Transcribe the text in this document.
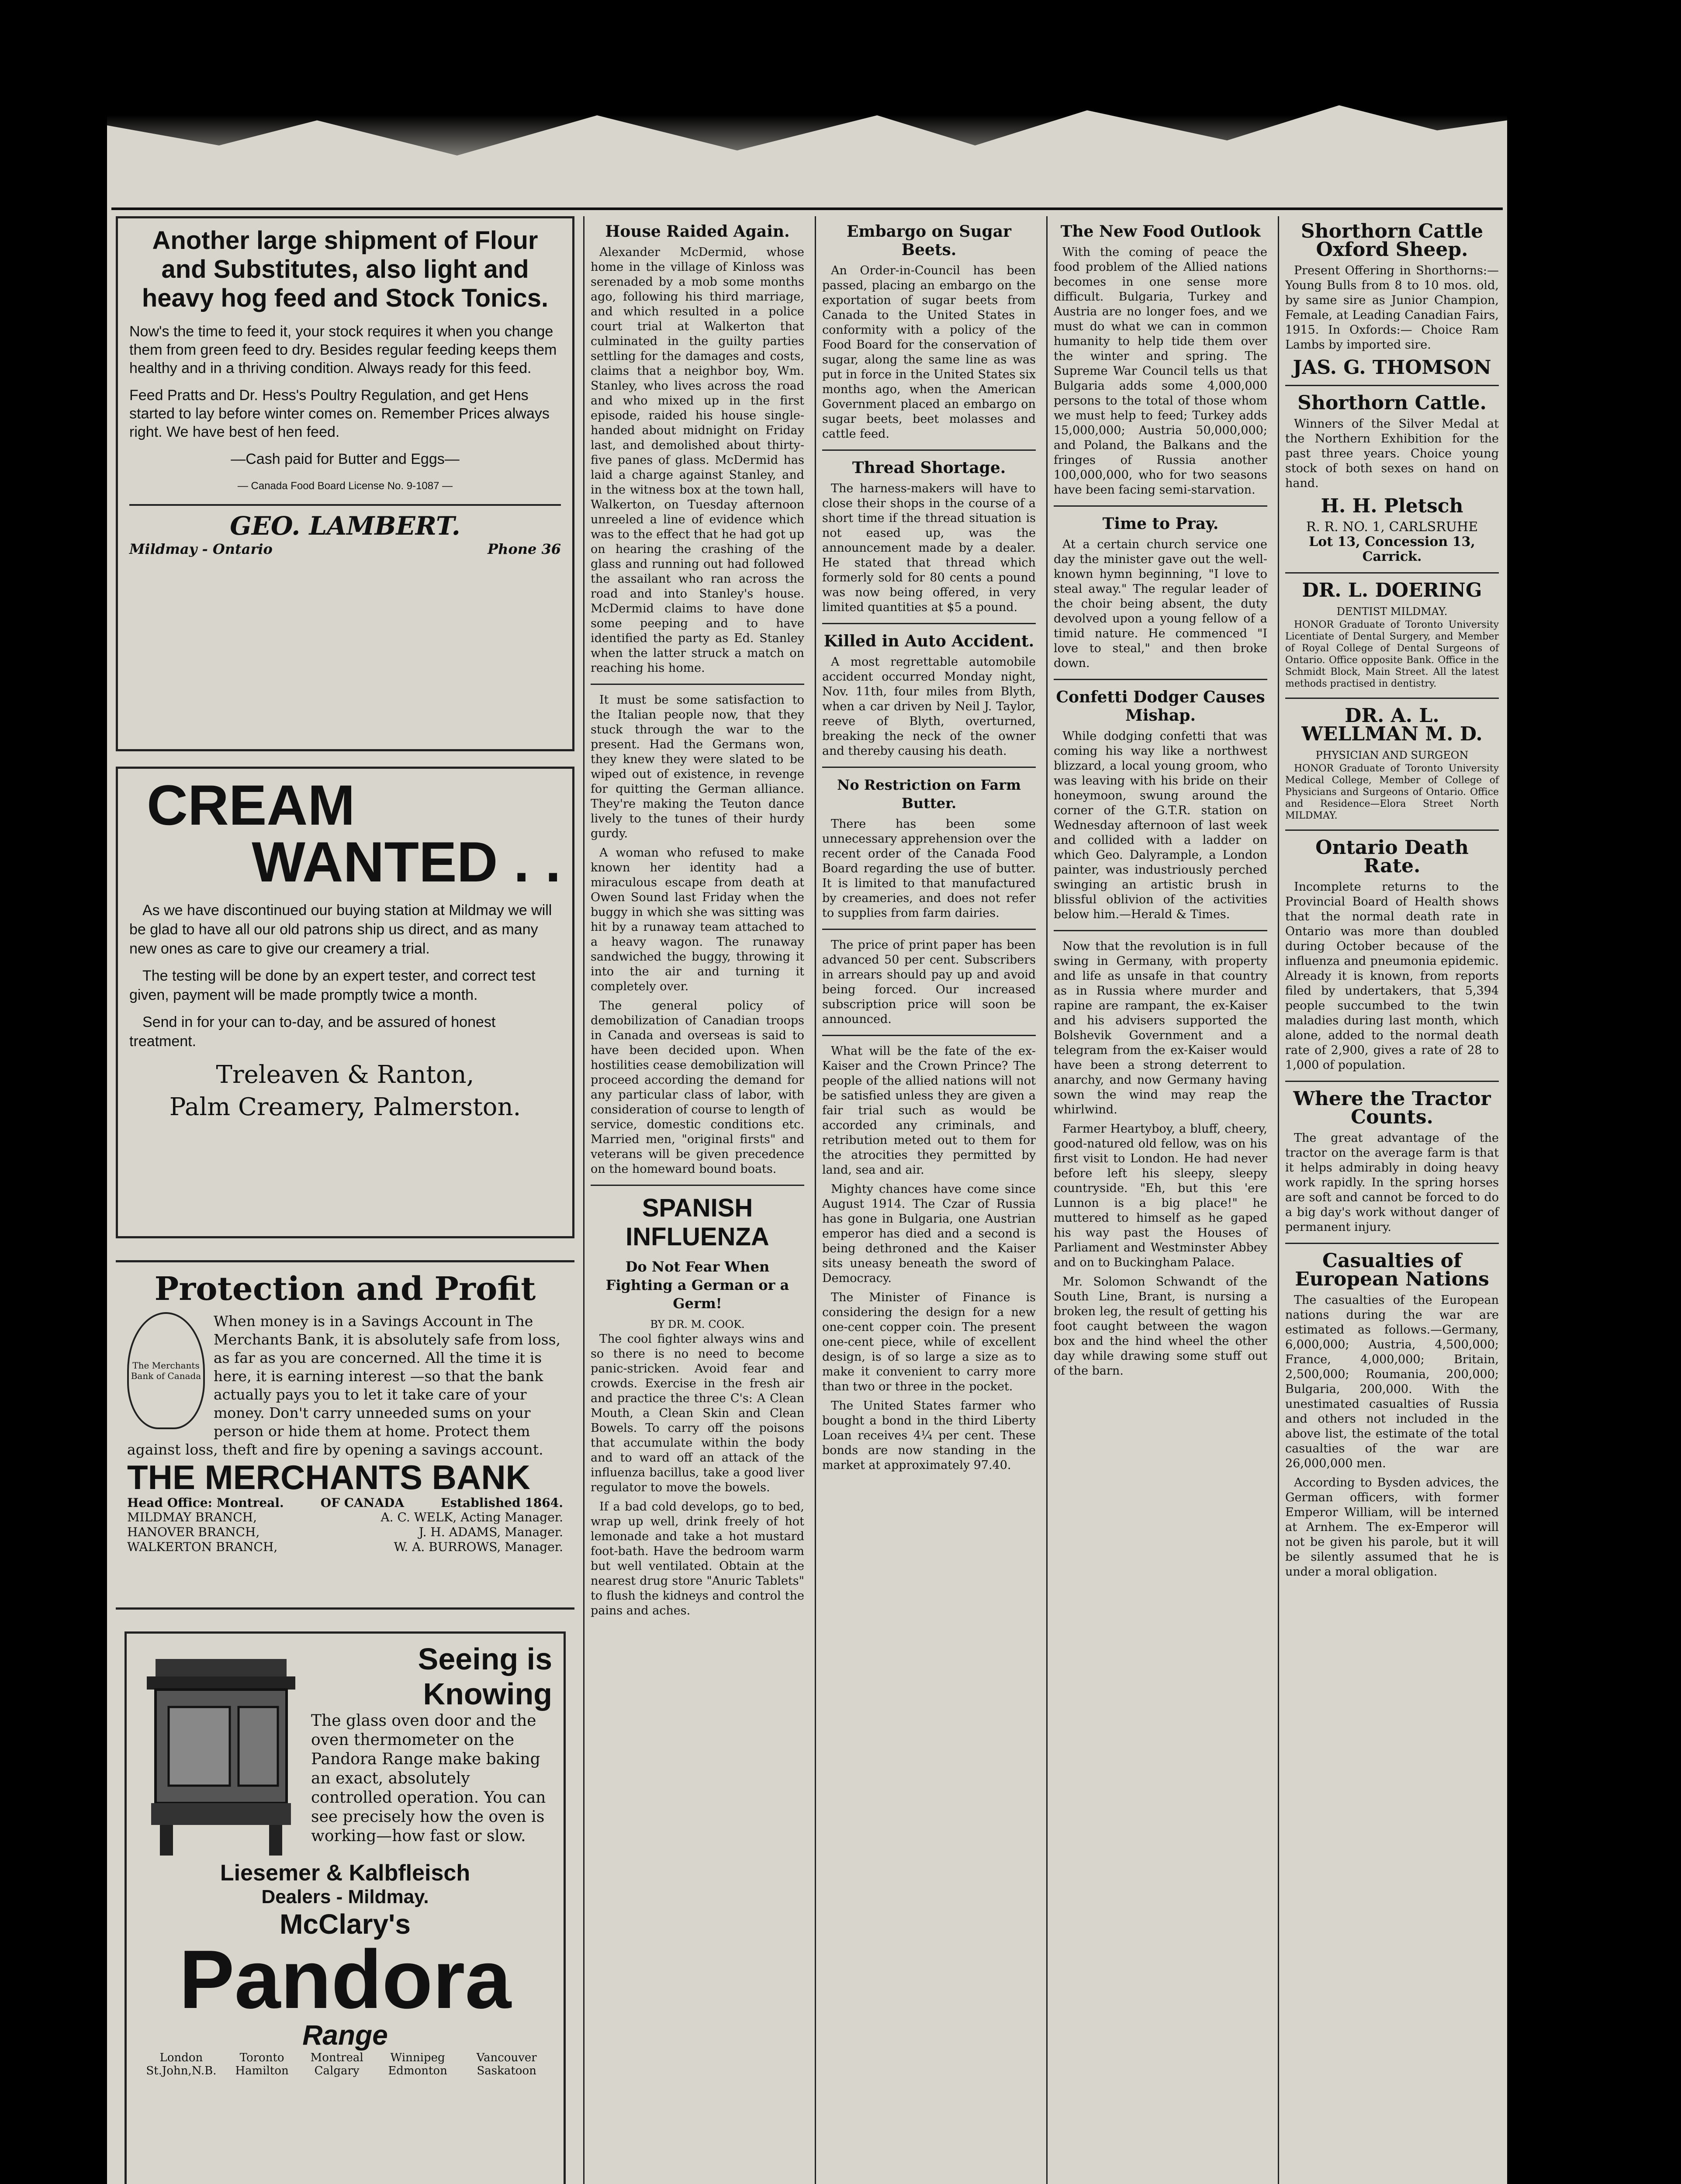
Another large shipment of Flour and Substitutes, also light and heavy hog feed and Stock Tonics.

Now's the time to feed it, your stock requires it when you change them from green feed to dry. Besides regular feeding keeps them healthy and in a thriving condition. Always ready for this feed.

Feed Pratts and Dr. Hess's Poultry Regulation, and get Hens started to lay before winter comes on. Remember Prices always right. We have best of hen feed.

—Cash paid for Butter and Eggs—

— Canada Food Board License No. 9-1087 —

GEO. LAMBERT.
Mildmay - Ontario	Phone 36
CREAM
WANTED . .

As we have discontinued our buying station at Mildmay we will be glad to have all our old patrons ship us direct, and as many new ones as care to give our creamery a trial.

The testing will be done by an expert tester, and correct test given, payment will be made promptly twice a month.

Send in for your can to-day, and be assured of honest treatment.

Treleaven & Ranton,
Palm Creamery, Palmerston.
Protection and Profit
The Merchants Bank of Canada

When money is in a Savings Account in The Merchants Bank, it is absolutely safe from loss, as far as you are concerned. All the time it is here, it is earning interest —so that the bank actually pays you to let it take care of your money. Don't carry unneeded sums on your person or hide them at home. Protect them against loss, theft and fire by opening a savings account.

THE MERCHANTS BANK
Head Office: Montreal.	OF CANADA	Established 1864.
MILDMAY BRANCH,	A. C. WELK, Acting Manager.
HANOVER BRANCH,	J. H. ADAMS, Manager.
WALKERTON BRANCH,	W. A. BURROWS, Manager.
Seeing is
Knowing

The glass oven door and the oven thermometer on the Pandora Range make baking an exact, absolutely controlled operation. You can see precisely how the oven is working—how fast or slow.

Liesemer & Kalbfleisch
Dealers - Mildmay.
McClary's
Pandora
Range
London St.John,N.B.
Toronto Hamilton
Montreal Calgary
Winnipeg Edmonton
Vancouver Saskatoon
House Raided Again.

Alexander McDermid, whose home in the village of Kinloss was serenaded by a mob some months ago, following his third marriage, and which resulted in a police court trial at Walkerton that culminated in the guilty parties settling for the damages and costs, claims that a neighbor boy, Wm. Stanley, who lives across the road and who mixed up in the first episode, raided his house single-handed about midnight on Friday last, and demolished about thirty-five panes of glass. McDermid has laid a charge against Stanley, and in the witness box at the town hall, Walkerton, on Tuesday afternoon unreeled a line of evidence which was to the effect that he had got up on hearing the crashing of the glass and running out had followed the assailant who ran across the road and into Stanley's house. McDermid claims to have done some peeping and to have identified the party as Ed. Stanley when the latter struck a match on reaching his home.

It must be some satisfaction to the Italian people now, that they stuck through the war to the present. Had the Germans won, they knew they were slated to be wiped out of existence, in revenge for quitting the German alliance. They're making the Teuton dance lively to the tunes of their hurdy gurdy.

A woman who refused to make known her identity had a miraculous escape from death at Owen Sound last Friday when the buggy in which she was sitting was hit by a runaway team attached to a heavy wagon. The runaway sandwiched the buggy, throwing it into the air and turning it completely over.

The general policy of demobilization of Canadian troops in Canada and overseas is said to have been decided upon. When hostilities cease demobilization will proceed according the demand for any particular class of labor, with consideration of course to length of service, domestic conditions etc. Married men, "original firsts" and veterans will be given precedence on the homeward bound boats.

SPANISH INFLUENZA
Do Not Fear When Fighting a German or a Germ!
BY DR. M. COOK.

The cool fighter always wins and so there is no need to become panic-stricken. Avoid fear and crowds. Exercise in the fresh air and practice the three C's: A Clean Mouth, a Clean Skin and Clean Bowels. To carry off the poisons that accumulate within the body and to ward off an attack of the influenza bacillus, take a good liver regulator to move the bowels.

If a bad cold develops, go to bed, wrap up well, drink freely of hot lemonade and take a hot mustard foot-bath. Have the bedroom warm but well ventilated. Obtain at the nearest drug store "Anuric Tablets" to flush the kidneys and control the pains and aches.

Embargo on Sugar Beets.

An Order-in-Council has been passed, placing an embargo on the exportation of sugar beets from Canada to the United States in conformity with a policy of the Food Board for the conservation of sugar, along the same line as was put in force in the United States six months ago, when the American Government placed an embargo on sugar beets, beet molasses and cattle feed.

Thread Shortage.

The harness-makers will have to close their shops in the course of a short time if the thread situation is not eased up, was the announcement made by a dealer. He stated that thread which formerly sold for 80 cents a pound was now being offered, in very limited quantities at $5 a pound.

Killed in Auto Accident.

A most regrettable automobile accident occurred Monday night, Nov. 11th, four miles from Blyth, when a car driven by Neil J. Taylor, reeve of Blyth, overturned, breaking the neck of the owner and thereby causing his death.

No Restriction on Farm Butter.

There has been some unnecessary apprehension over the recent order of the Canada Food Board regarding the use of butter. It is limited to that manufactured by creameries, and does not refer to supplies from farm dairies.

The price of print paper has been advanced 50 per cent. Subscribers in arrears should pay up and avoid being forced. Our increased subscription price will soon be announced.

What will be the fate of the ex-Kaiser and the Crown Prince? The people of the allied nations will not be satisfied unless they are given a fair trial such as would be accorded any criminals, and retribution meted out to them for the atrocities they permitted by land, sea and air.

Mighty chances have come since August 1914. The Czar of Russia has gone in Bulgaria, one Austrian emperor has died and a second is being dethroned and the Kaiser sits uneasy beneath the sword of Democracy.

The Minister of Finance is considering the design for a new one-cent copper coin. The present one-cent piece, while of excellent design, is of so large a size as to make it convenient to carry more than two or three in the pocket.

The United States farmer who bought a bond in the third Liberty Loan receives 4¼ per cent. These bonds are now standing in the market at approximately 97.40.

The New Food Outlook

With the coming of peace the food problem of the Allied nations becomes in one sense more difficult. Bulgaria, Turkey and Austria are no longer foes, and we must do what we can in common humanity to help tide them over the winter and spring. The Supreme War Council tells us that Bulgaria adds some 4,000,000 persons to the total of those whom we must help to feed; Turkey adds 15,000,000; Austria 50,000,000; and Poland, the Balkans and the fringes of Russia another 100,000,000, who for two seasons have been facing semi-starvation.

Time to Pray.

At a certain church service one day the minister gave out the well-known hymn beginning, "I love to steal away." The regular leader of the choir being absent, the duty devolved upon a young fellow of a timid nature. He commenced "I love to steal," and then broke down.

Confetti Dodger Causes Mishap.

While dodging confetti that was coming his way like a northwest blizzard, a local young groom, who was leaving with his bride on their honeymoon, swung around the corner of the G.T.R. station on Wednesday afternoon of last week and collided with a ladder on which Geo. Dalyrample, a London painter, was industriously perched swinging an artistic brush in blissful oblivion of the activities below him.—Herald & Times.

Now that the revolution is in full swing in Germany, with property and life as unsafe in that country as in Russia where murder and rapine are rampant, the ex-Kaiser and his advisers supported the Bolshevik Government and a telegram from the ex-Kaiser would have been a strong deterrent to anarchy, and now Germany having sown the wind may reap the whirlwind.

Farmer Heartyboy, a bluff, cheery, good-natured old fellow, was on his first visit to London. He had never before left his sleepy, sleepy countryside. "Eh, but this 'ere Lunnon is a big place!" he muttered to himself as he gaped his way past the Houses of Parliament and Westminster Abbey and on to Buckingham Palace.

Mr. Solomon Schwandt of the South Line, Brant, is nursing a broken leg, the result of getting his foot caught between the wagon box and the hind wheel the other day while drawing some stuff out of the barn.

Shorthorn Cattle Oxford Sheep.

Present Offering in Shorthorns:— Young Bulls from 8 to 10 mos. old, by same sire as Junior Champion, Female, at Leading Canadian Fairs, 1915. In Oxfords:— Choice Ram Lambs by imported sire.

JAS. G. THOMSON
Shorthorn Cattle.

Winners of the Silver Medal at the Northern Exhibition for the past three years. Choice young stock of both sexes on hand on hand.

H. H. Pletsch
R. R. NO. 1, CARLSRUHE
Lot 13, Concession 13, Carrick.
DR. L. DOERING
DENTIST MILDMAY.

HONOR Graduate of Toronto University Licentiate of Dental Surgery, and Member of Royal College of Dental Surgeons of Ontario. Office opposite Bank. Office in the Schmidt Block, Main Street. All the latest methods practised in dentistry.

DR. A. L. WELLMAN M. D.
PHYSICIAN AND SURGEON

HONOR Graduate of Toronto University Medical College, Member of College of Physicians and Surgeons of Ontario. Office and Residence—Elora Street North MILDMAY.

Ontario Death Rate.

Incomplete returns to the Provincial Board of Health shows that the normal death rate in Ontario was more than doubled during October because of the influenza and pneumonia epidemic. Already it is known, from reports filed by undertakers, that 5,394 people succumbed to the twin maladies during last month, which alone, added to the normal death rate of 2,900, gives a rate of 28 to 1,000 of population.

Where the Tractor Counts.

The great advantage of the tractor on the average farm is that it helps admirably in doing heavy work rapidly. In the spring horses are soft and cannot be forced to do a big day's work without danger of permanent injury.

Casualties of European Nations

The casualties of the European nations during the war are estimated as follows.—Germany, 6,000,000; Austria, 4,500,000; France, 4,000,000; Britain, 2,500,000; Roumania, 200,000; Bulgaria, 200,000. With the unestimated casualties of Russia and others not included in the above list, the estimate of the total casualties of the war are 26,000,000 men.

According to Bysden advices, the German officers, with former Emperor William, will be interned at Arnhem. The ex-Emperor will not be given his parole, but it will be silently assumed that he is under a moral obligation.
